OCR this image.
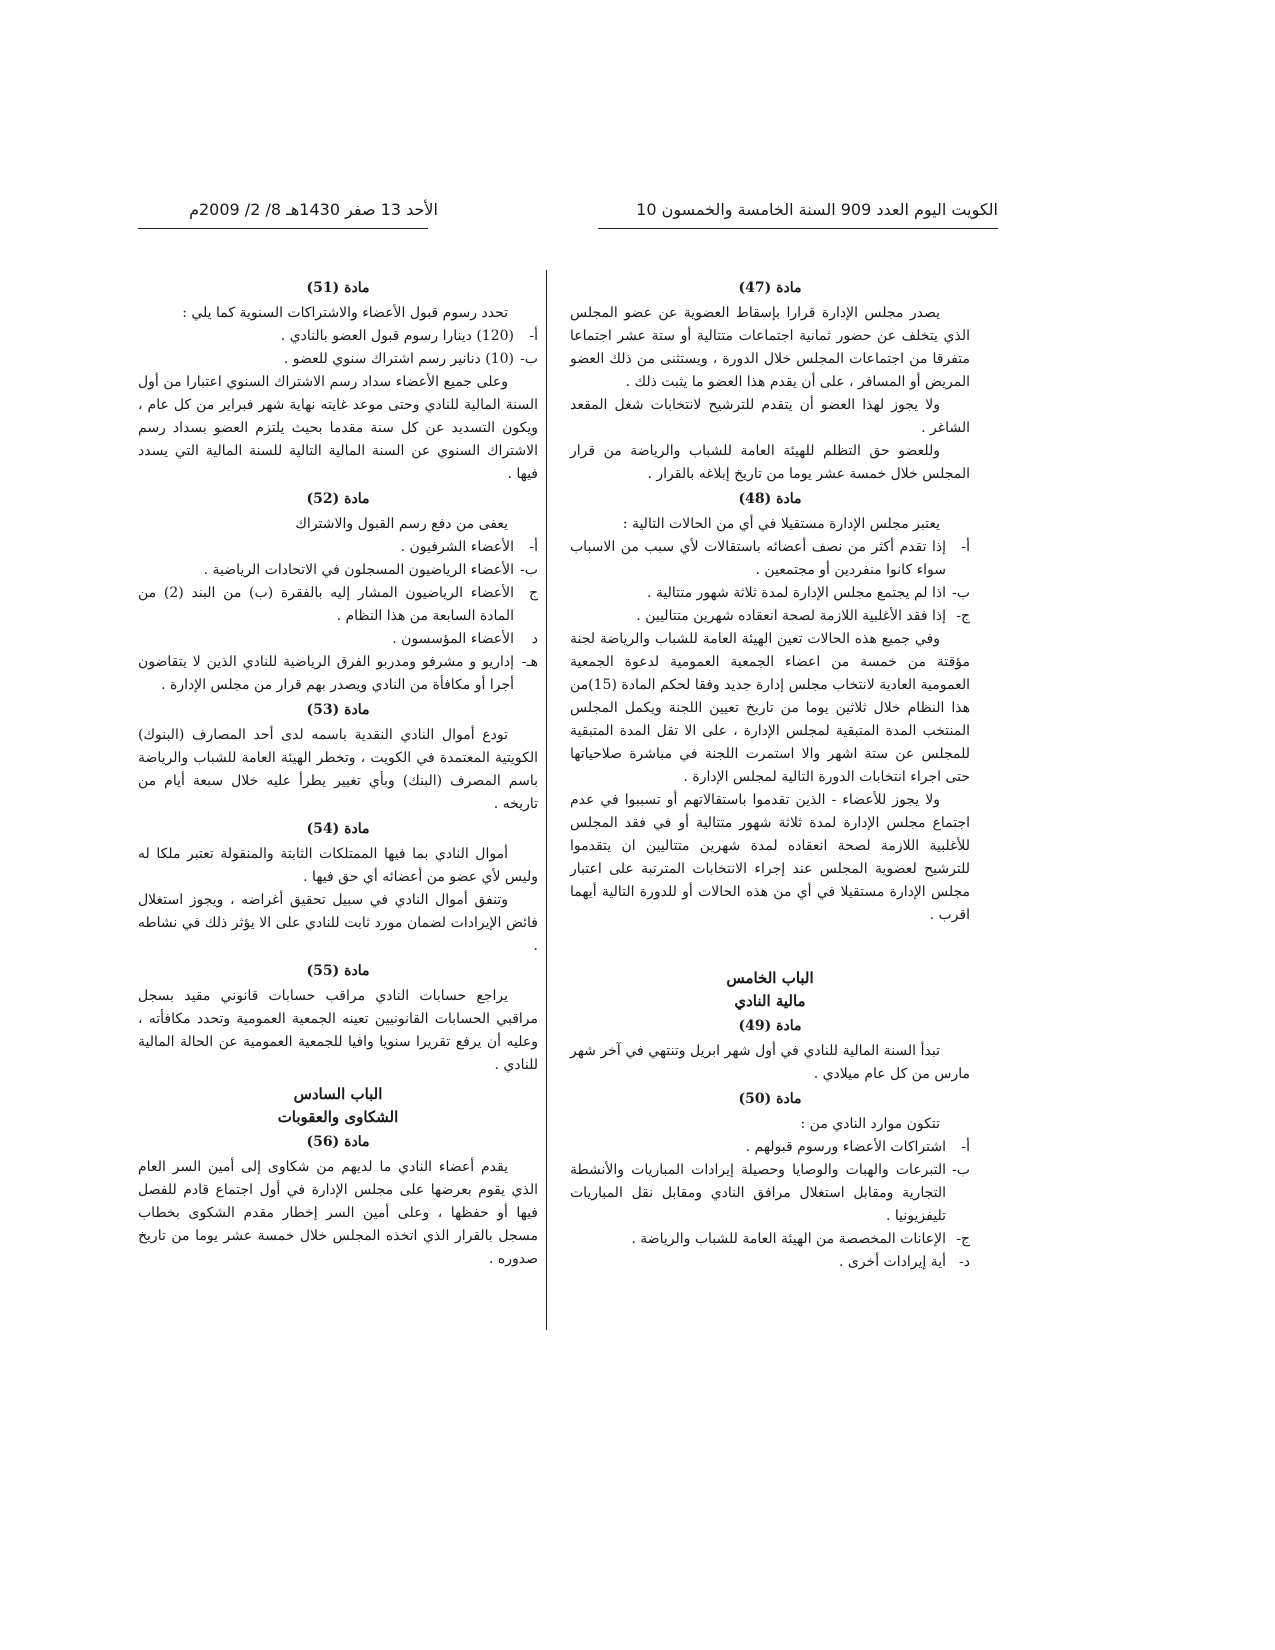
الكويت اليوم العدد 909 السنة الخامسة والخمسون 10
الأحد 13 صفر 1430هـ 8/ 2/ 2009م
مادة (47)

يصدر مجلس الإدارة قرارا بإسقاط العضوية عن عضو المجلس الذي يتخلف عن حضور ثمانية اجتماعات متتالية أو ستة عشر اجتماعا متفرقا من اجتماعات المجلس خلال الدورة ، ويستثنى من ذلك العضو المريض أو المسافر ، على أن يقدم هذا العضو ما يثبت ذلك .

ولا يجوز لهذا العضو أن يتقدم للترشيح لانتخابات شغل المقعد الشاغر .

وللعضو حق التظلم للهيئة العامة للشباب والرياضة من قرار المجلس خلال خمسة عشر يوما من تاريخ إبلاغه بالقرار .

مادة (48)

يعتبر مجلس الإدارة مستقيلا في أي من الحالات التالية :

أ-
إذا تقدم أكثر من نصف أعضائه باستقالات لأي سبب من الاسباب سواء كانوا منفردين أو مجتمعين .

ب-
اذا لم يجتمع مجلس الإدارة لمدة ثلاثة شهور متتالية .

ج-
إذا فقد الأغلبية اللازمة لصحة انعقاده شهرين متتاليين .

وفي جميع هذه الحالات تعين الهيئة العامة للشباب والرياضة لجنة مؤقتة من خمسة من اعضاء الجمعية العمومية لدعوة الجمعية العمومية العادية لانتخاب مجلس إدارة جديد وفقا لحكم المادة (15)من هذا النظام خلال ثلاثين يوما من تاريخ تعيين اللجنة ويكمل المجلس المنتخب المدة المتبقية لمجلس الإدارة ، على الا تقل المدة المتبقية للمجلس عن ستة اشهر والا استمرت اللجنة في مباشرة صلاحياتها حتى اجراء انتخابات الدورة التالية لمجلس الإدارة .

ولا يجوز للأعضاء - الذين تقدموا باستقالاتهم أو تسببوا في عدم اجتماع مجلس الإدارة لمدة ثلاثة شهور متتالية أو في فقد المجلس للأغلبية اللازمة لصحة انعقاده لمدة شهرين متتاليين ان يتقدموا للترشيح لعضوية المجلس عند إجراء الانتخابات المترتبة على اعتبار مجلس الإدارة مستقيلا في أي من هذه الحالات أو للدورة التالية أيهما اقرب .

الباب الخامس
مالية النادي
مادة (49)

تبدأ السنة المالية للنادي في أول شهر ابريل وتنتهي في آخر شهر مارس من كل عام ميلادي .

مادة (50)

تتكون موارد النادي من :

أ-
اشتراكات الأعضاء ورسوم قبولهم .

ب-
التبرعات والهبات والوصايا وحصيلة إيرادات المباريات والأنشطة التجارية ومقابل استغلال مرافق النادي ومقابل نقل المباريات تليفزيونيا .

ج-
الإعانات المخصصة من الهيئة العامة للشباب والرياضة .

د-
أية إيرادات أخرى .

مادة (51)

تحدد رسوم قبول الأعضاء والاشتراكات السنوية كما يلي :

أ-
(120) دينارا رسوم قبول العضو بالنادي .

ب-
(10) دنانير رسم اشتراك سنوي للعضو .

وعلى جميع الأعضاء سداد رسم الاشتراك السنوي اعتبارا من أول السنة المالية للنادي وحتى موعد غايته نهاية شهر فبراير من كل عام ، ويكون التسديد عن كل سنة مقدما بحيث يلتزم العضو بسداد رسم الاشتراك السنوي عن السنة المالية التالية للسنة المالية التي يسدد فيها .

مادة (52)

يعفى من دفع رسم القبول والاشتراك

أ-
الأعضاء الشرفيون .

ب-
الأعضاء الرياضيون المسجلون في الاتحادات الرياضية .

ج
الأعضاء الرياضيون المشار إليه بالفقرة (ب) من البند (2) من المادة السابعة من هذا النظام .

د
الأعضاء المؤسسون .

هـ-
إداريو و مشرفو ومدربو الفرق الرياضية للنادي الذين لا يتقاضون أجرا أو مكافأة من النادي ويصدر بهم قرار من مجلس الإدارة .

مادة (53)

تودع أموال النادي النقدية باسمه لدى أحد المصارف (البنوك) الكويتية المعتمدة في الكويت ، وتخطر الهيئة العامة للشباب والرياضة باسم المصرف (البنك) وبأي تغيير يطرأ عليه خلال سبعة أيام من تاريخه .

مادة (54)

أموال النادي بما فيها الممتلكات الثابتة والمنقولة تعتبر ملكا له وليس لأي عضو من أعضائه أي حق فيها .

وتنفق أموال النادي في سبيل تحقيق أغراضه ، ويجوز استغلال فائض الإيرادات لضمان مورد ثابت للنادي على الا يؤثر ذلك في نشاطه .

مادة (55)

يراجع حسابات النادي مراقب حسابات قانوني مقيد بسجل مراقبي الحسابات القانونيين تعينه الجمعية العمومية وتحدد مكافأته ، وعليه أن يرفع تقريرا سنويا وافيا للجمعية العمومية عن الحالة المالية للنادي .

الباب السادس
الشكاوى والعقوبات
مادة (56)

يقدم أعضاء النادي ما لديهم من شكاوى إلى أمين السر العام الذي يقوم بعرضها على مجلس الإدارة في أول اجتماع قادم للفصل فيها أو حفظها ، وعلى أمين السر إخطار مقدم الشكوى بخطاب مسجل بالقرار الذي اتخذه المجلس خلال خمسة عشر يوما من تاريخ صدوره .
